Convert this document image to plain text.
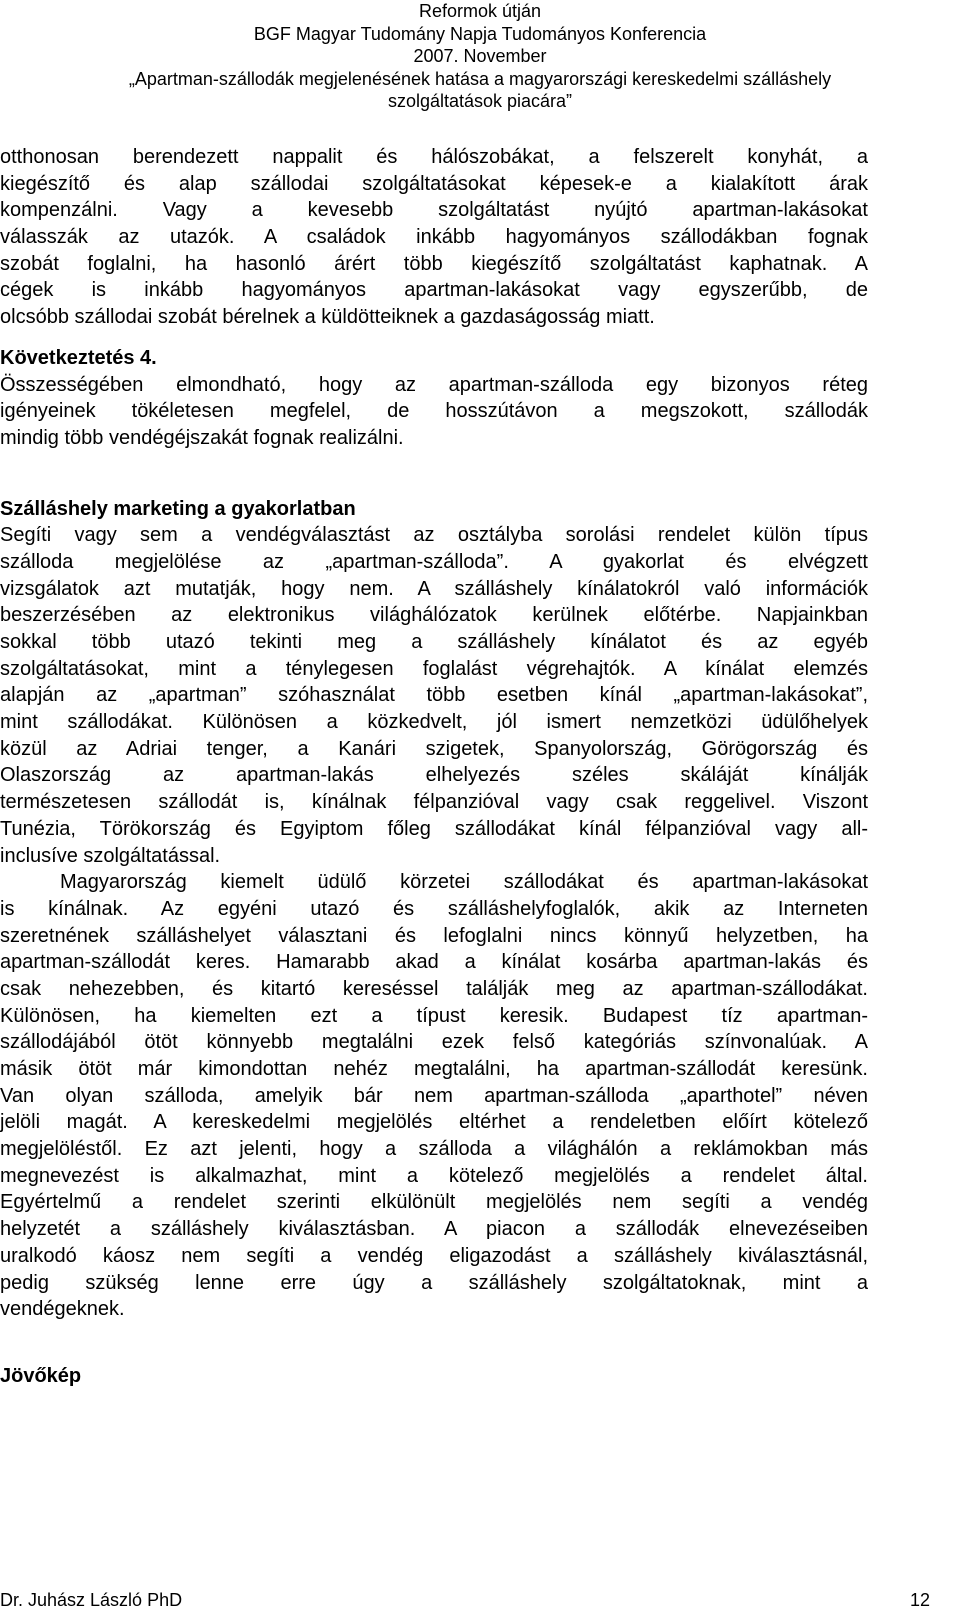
Reformok útján
BGF Magyar Tudomány Napja Tudományos Konferencia
2007. November
„Apartman-szállodák megjelenésének hatása a magyarországi kereskedelmi szálláshely
szolgáltatások piacára”
otthonosan berendezett nappalit és hálószobákat, a felszerelt konyhát, a
kiegészítő és alap szállodai szolgáltatásokat képesek-e a kialakított árak
kompenzálni. Vagy a kevesebb szolgáltatást nyújtó apartman-lakásokat
válasszák az utazók. A családok inkább hagyományos szállodákban fognak
szobát foglalni, ha hasonló árért több kiegészítő szolgáltatást kaphatnak. A
cégek is inkább hagyományos apartman-lakásokat vagy egyszerűbb, de
olcsóbb szállodai szobát bérelnek a küldötteiknek a gazdaságosság miatt.
Következtetés 4.
Összességében elmondható, hogy az apartman-szálloda egy bizonyos réteg
igényeinek tökéletesen megfelel, de hosszútávon a megszokott, szállodák
mindig több vendégéjszakát fognak realizálni.
Szálláshely marketing a gyakorlatban
Segíti vagy sem a vendégválasztást az osztályba sorolási rendelet külön típus
szálloda megjelölése az „apartman-szálloda”. A gyakorlat és elvégzett
vizsgálatok azt mutatják, hogy nem. A szálláshely kínálatokról való információk
beszerzésében az elektronikus világhálózatok kerülnek előtérbe. Napjainkban
sokkal több utazó tekinti meg a szálláshely kínálatot és az egyéb
szolgáltatásokat, mint a ténylegesen foglalást végrehajtók. A kínálat elemzés
alapján az „apartman” szóhasználat több esetben kínál „apartman-lakásokat”,
mint szállodákat. Különösen a közkedvelt, jól ismert nemzetközi üdülőhelyek
közül az Adriai tenger, a Kanári szigetek, Spanyolország, Görögország és
Olaszország az apartman-lakás elhelyezés széles skáláját kínálják
természetesen szállodát is, kínálnak félpanzióval vagy csak reggelivel. Viszont
Tunézia, Törökország és Egyiptom főleg szállodákat kínál félpanzióval vagy all-
inclusíve szolgáltatással.
Magyarország kiemelt üdülő körzetei szállodákat és apartman-lakásokat
is kínálnak. Az egyéni utazó és szálláshelyfoglalók, akik az Interneten
szeretnének szálláshelyet választani és lefoglalni nincs könnyű helyzetben, ha
apartman-szállodát keres. Hamarabb akad a kínálat kosárba apartman-lakás és
csak nehezebben, és kitartó kereséssel találják meg az apartman-szállodákat.
Különösen, ha kiemelten ezt a típust keresik. Budapest tíz apartman-
szállodájából ötöt könnyebb megtalálni ezek felső kategóriás színvonalúak. A
másik ötöt már kimondottan nehéz megtalálni, ha apartman-szállodát keresünk.
Van olyan szálloda, amelyik bár nem apartman-szálloda „aparthotel” néven
jelöli magát. A kereskedelmi megjelölés eltérhet a rendeletben előírt kötelező
megjelöléstől. Ez azt jelenti, hogy a szálloda a világhálón a reklámokban más
megnevezést is alkalmazhat, mint a kötelező megjelölés a rendelet által.
Egyértelmű a rendelet szerinti elkülönült megjelölés nem segíti a vendég
helyzetét a szálláshely kiválasztásban. A piacon a szállodák elnevezéseiben
uralkodó káosz nem segíti a vendég eligazodást a szálláshely kiválasztásnál,
pedig szükség lenne erre úgy a szálláshely szolgáltatoknak, mint a
vendégeknek.
Jövőkép
Dr. Juhász László PhD	12
